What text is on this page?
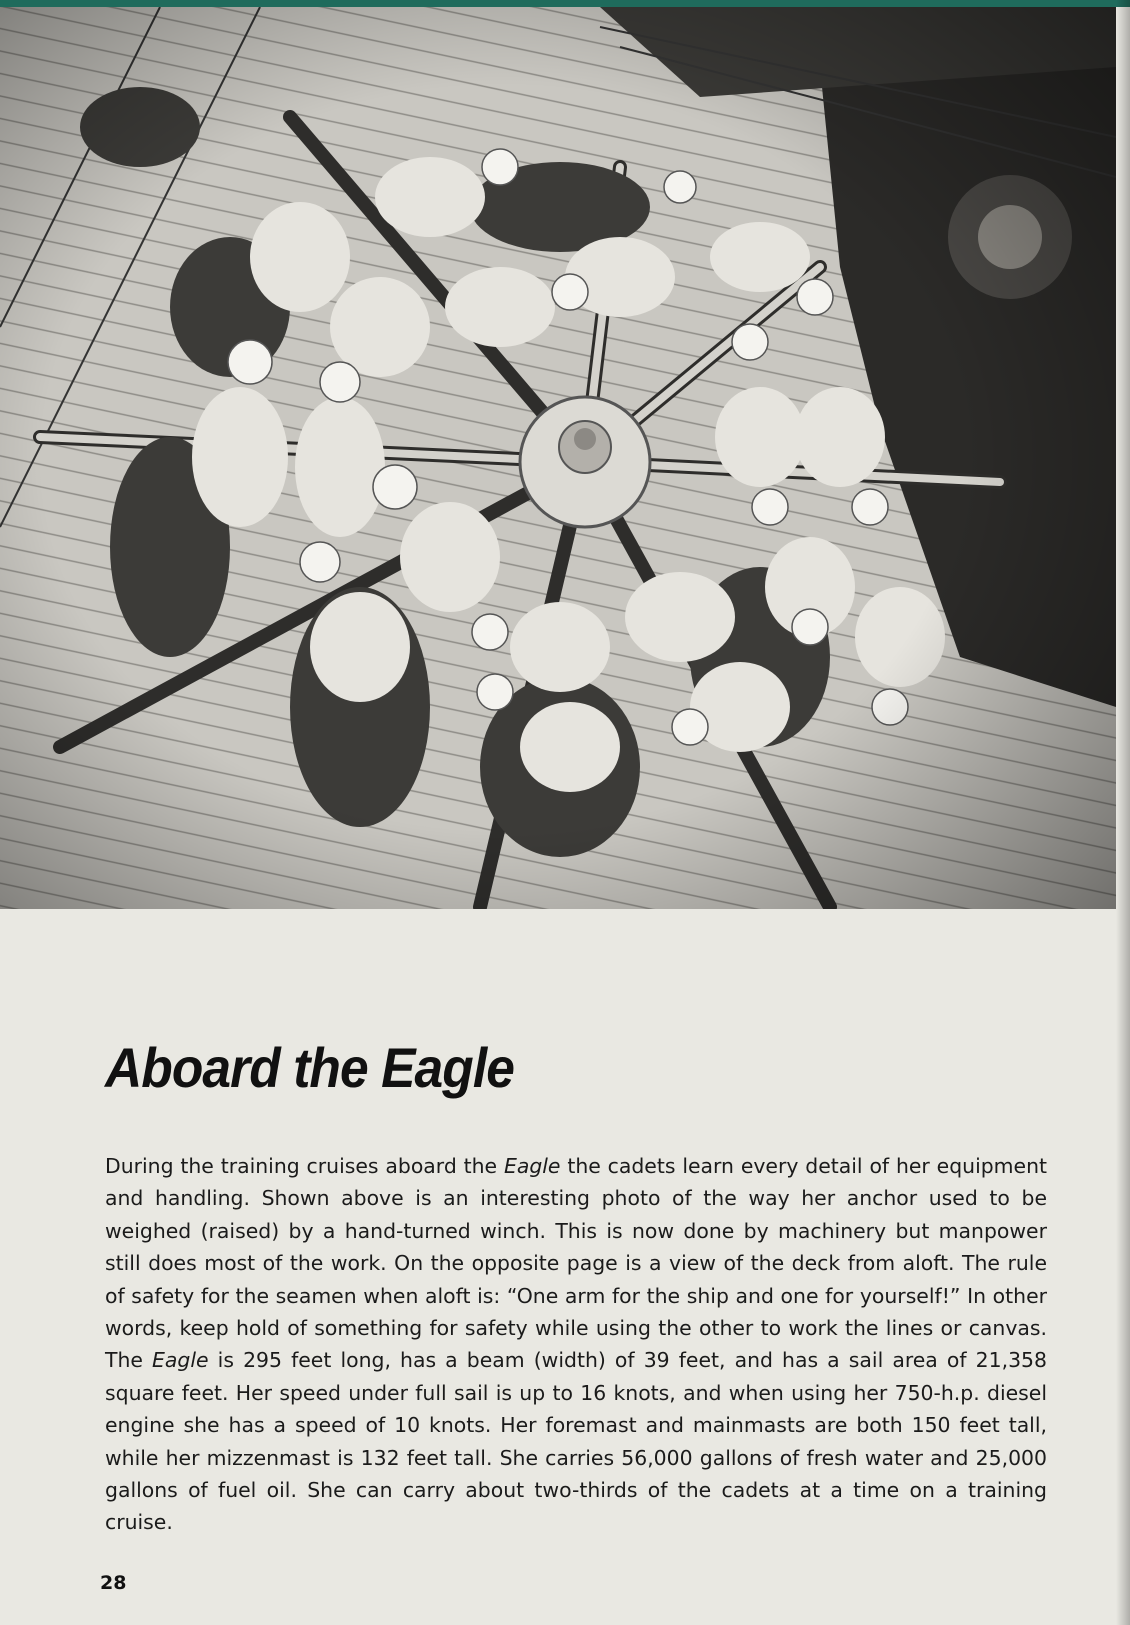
Aboard the Eagle

During the training cruises aboard the Eagle the cadets learn every detail of her equipment and handling. Shown above is an interesting photo of the way her anchor used to be weighed (raised) by a hand-turned winch. This is now done by machinery but manpower still does most of the work. On the opposite page is a view of the deck from aloft. The rule of safety for the seamen when aloft is: “One arm for the ship and one for yourself!” In other words, keep hold of something for safety while using the other to work the lines or canvas. The Eagle is 295 feet long, has a beam (width) of 39 feet, and has a sail area of 21,358 square feet. Her speed under full sail is up to 16 knots, and when using her 750-h.p. diesel engine she has a speed of 10 knots. Her foremast and mainmasts are both 150 feet tall, while her mizzenmast is 132 feet tall. She carries 56,000 gallons of fresh water and 25,000 gallons of fuel oil. She can carry about two-thirds of the cadets at a time on a training cruise.

28
